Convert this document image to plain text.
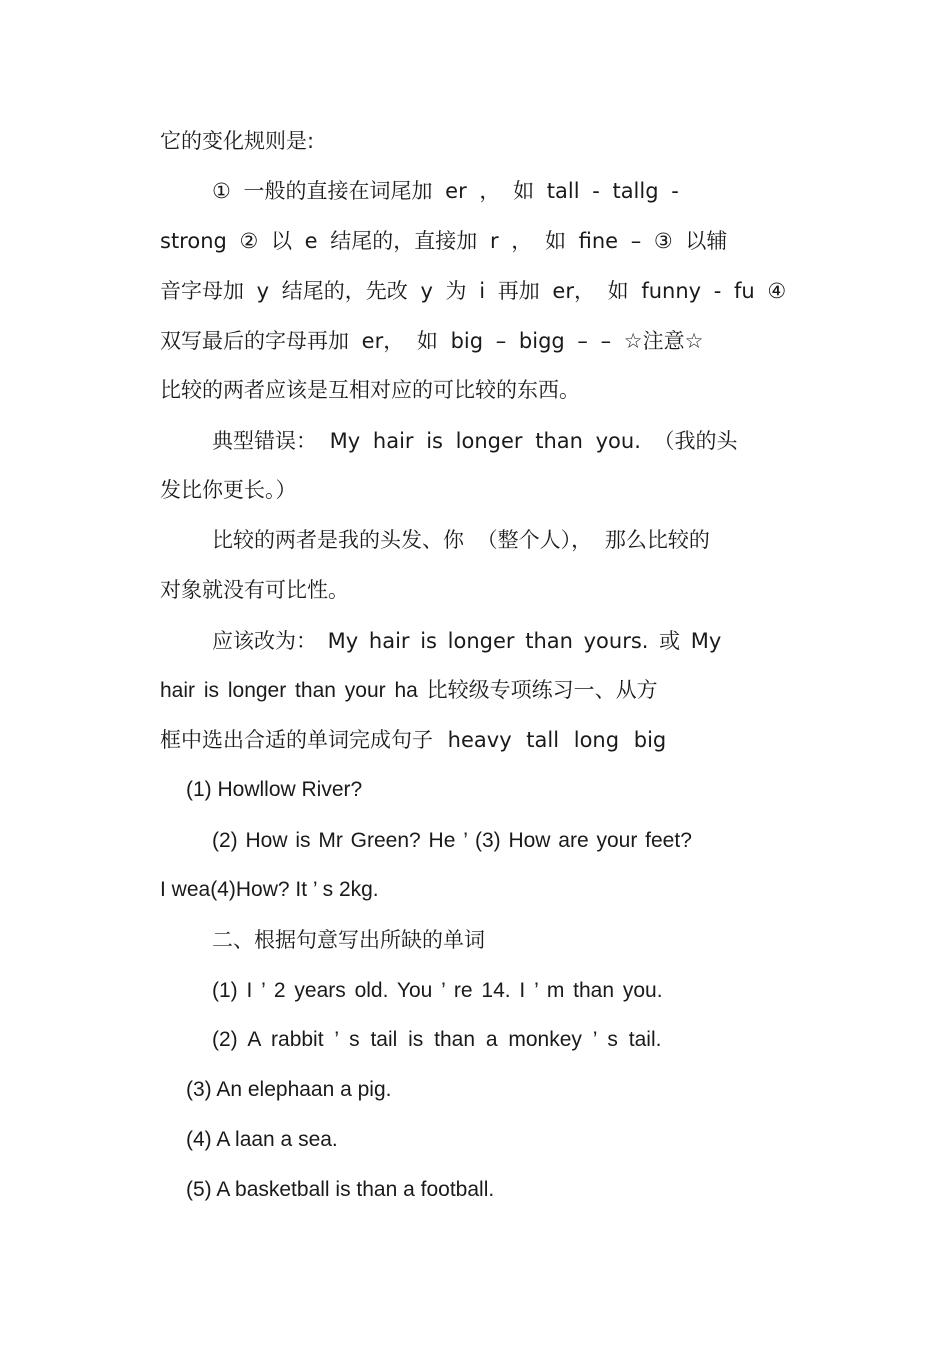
它的变化规则是:
① 一般的直接在词尾加 er ， 如 tall - tallg -
strong ② 以 e 结尾的，直接加 r ， 如 fine – ③ 以辅
音字母加 y 结尾的，先改 y 为 i 再加 er， 如 funny - fu ④
双写最后的字母再加 er， 如 big – bigg – – ☆注意☆
比较的两者应该是互相对应的可比较的东西。
典型错误： My hair is longer than you. （我的头
发比你更长。）
比较的两者是我的头发、你 （整个人）， 那么比较的
对象就没有可比性。
应该改为： My hair is longer than yours. 或 My
hair is longer than your ha 比较级专项练习一、从方
框中选出合适的单词完成句子 heavy tall long big
(1) Howllow River?
(2) How is Mr Green? He ’ (3) How are your feet?
I wea(4)How? It ’ s 2kg.
二、根据句意写出所缺的单词
(1) I ’ 2 years old. You ’ re 14. I ’ m than you.
(2) A rabbit ’ s tail is than a monkey ’ s tail.
(3) An elephaan a pig.
(4) A laan a sea.
(5) A basketball is than a football.
